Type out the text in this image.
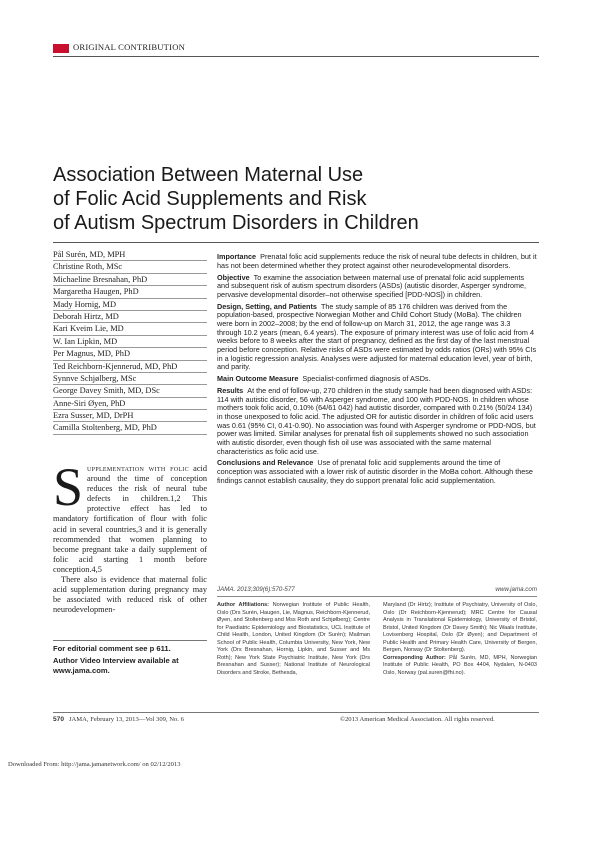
ORIGINAL CONTRIBUTION
Association Between Maternal Use
of Folic Acid Supplements and Risk
of Autism Spectrum Disorders in Children
Pål Surén, MD, MPH
Christine Roth, MSc
Michaeline Bresnahan, PhD
Margaretha Haugen, PhD
Mady Hornig, MD
Deborah Hirtz, MD
Kari Kveim Lie, MD
W. Ian Lipkin, MD
Per Magnus, MD, PhD
Ted Reichborn-Kjennerud, MD, PhD
Synnve Schjølberg, MSc
George Davey Smith, MD, DSc
Anne-Siri Øyen, PhD
Ezra Susser, MD, DrPH
Camilla Stoltenberg, MD, PhD

Supplementation with folic acid around the time of conception reduces the risk of neural tube defects in children.1,2 This protective effect has led to mandatory fortification of flour with folic acid in several countries,3 and it is generally recommended that women planning to become pregnant take a daily supplement of folic acid starting 1 month before conception.4,5

There also is evidence that maternal folic acid supplementation during pregnancy may be associated with reduced risk of other neurodevelopmen-

For editorial comment see p 611.

Author Video Interview available at www.jama.com.

Importance Prenatal folic acid supplements reduce the risk of neural tube defects in children, but it has not been determined whether they protect against other neurodevelopmental disorders.

Objective To examine the association between maternal use of prenatal folic acid supplements and subsequent risk of autism spectrum disorders (ASDs) (autistic disorder, Asperger syndrome, pervasive developmental disorder–not otherwise specified [PDD-NOS]) in children.

Design, Setting, and Patients The study sample of 85 176 children was derived from the population-based, prospective Norwegian Mother and Child Cohort Study (MoBa). The children were born in 2002–2008; by the end of follow-up on March 31, 2012, the age range was 3.3 through 10.2 years (mean, 6.4 years). The exposure of primary interest was use of folic acid from 4 weeks before to 8 weeks after the start of pregnancy, defined as the first day of the last menstrual period before conception. Relative risks of ASDs were estimated by odds ratios (ORs) with 95% CIs in a logistic regression analysis. Analyses were adjusted for maternal education level, year of birth, and parity.

Main Outcome Measure Specialist-confirmed diagnosis of ASDs.

Results At the end of follow-up, 270 children in the study sample had been diagnosed with ASDs: 114 with autistic disorder, 56 with Asperger syndrome, and 100 with PDD-NOS. In children whose mothers took folic acid, 0.10% (64/61 042) had autistic disorder, compared with 0.21% (50/24 134) in those unexposed to folic acid. The adjusted OR for autistic disorder in children of folic acid users was 0.61 (95% CI, 0.41-0.90). No association was found with Asperger syndrome or PDD-NOS, but power was limited. Similar analyses for prenatal fish oil supplements showed no such association with autistic disorder, even though fish oil use was associated with the same maternal characteristics as folic acid use.

Conclusions and Relevance Use of prenatal folic acid supplements around the time of conception was associated with a lower risk of autistic disorder in the MoBa cohort. Although these findings cannot establish causality, they do support prenatal folic acid supplementation.

JAMA. 2013;309(6):570-577	www.jama.com
Author Affiliations: Norwegian Institute of Public Health, Oslo (Drs Surén, Haugen, Lie, Magnus, Reichborn-Kjennerud, Øyen, and Stoltenberg and Mss Roth and Schjølberg); Centre for Paediatric Epidemiology and Biostatistics, UCL Institute of Child Health, London, United Kingdom (Dr Surén); Mailman School of Public Health, Columbia University, New York, New York (Drs Bresnahan, Hornig, Lipkin, and Susser and Ms Roth); New York State Psychiatric Institute, New York (Drs Bresnahan and Susser); National Institute of Neurological Disorders and Stroke, Bethesda,
Maryland (Dr Hirtz); Institute of Psychiatry, University of Oslo, Oslo (Dr Reichborn-Kjennerud); MRC Centre for Causal Analysis in Translational Epidemiology, University of Bristol, Bristol, United Kingdom (Dr Davey Smith); Nic Waals Institute, Lovisenberg Hospital, Oslo (Dr Øyen); and Department of Public Health and Primary Health Care, University of Bergen, Bergen, Norway (Dr Stoltenberg).
Corresponding Author: Pål Surén, MD, MPH, Norwegian Institute of Public Health, PO Box 4404, Nydalen, N-0403 Oslo, Norway (pal.suren@fhi.no).
570 JAMA, February 13, 2013—Vol 309, No. 6	©2013 American Medical Association. All rights reserved.
Downloaded From: http://jama.jamanetwork.com/ on 02/12/2013
